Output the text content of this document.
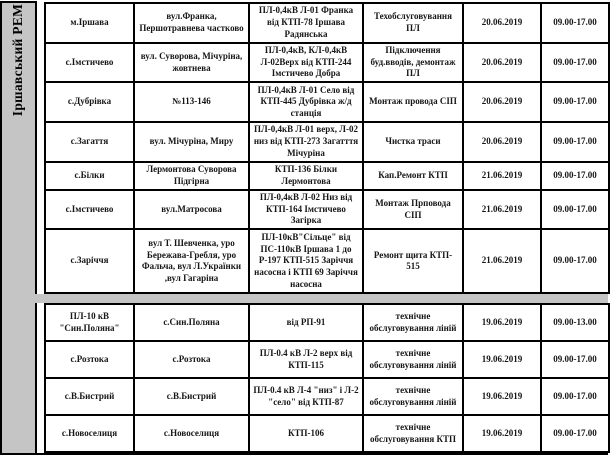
Іршавський РЕМ	м.Іршава	вул.Франка, Першотравнева частково	ПЛ-0,4кВ Л-01 Франка від КТП-78 Іршава Радянська	Техобслуговування ПЛ	20.06.2019	09.00-17.00
с.Імстичево	вул. Суворова, Мічуріна, жовтнева	ПЛ-0,4кВ, КЛ-0,4кВ Л-02Верх від КТП-244 Імстичево Добра	Підключення буд.вводів, демонтаж ПЛ	20.06.2019	09.00-17.00
с.Дубрівка	№113-146	ПЛ-0,4кВ Л-01 Село від КТП-445 Дубрівка ж/д станція	Монтаж провода СІП	20.06.2019	09.00-17.00
с.Загаття	вул. Мічуріна, Миру	ПЛ-0,4кВ Л-01 верх, Л-02 низ від КТП-273 Загатття Мічуріна	Чистка траси	20.06.2019	09.00-17.00
с.Білки	Лермонтова Суворова Підгірна	КТП-136 Білки Лермонтова	Кап.Ремонт КТП	21.06.2019	09.00-17.00
с.Імстичево	вул.Матросова	ПЛ-0,4кВ Л-02 Низ від КТП-164 Імстичево Загірка	Монтаж Прповода СІП	21.06.2019	09.00-17.00
с.Заріччя	вул Т. Шевченка, уро Бережава-Гребля, уро Фальча, вул Л.Українки ,вул Гагаріна	ПЛ-10кВ"Сільце" від ПС-110кВ Іршава 1 до Р-197 КТП-515 Заріччя насосна і КТП 69 Заріччя насосна	Ремонт щита КТП- 515	21.06.2019	09.00-17.00
ПЛ-10 кВ "Син.Поляна"	с.Син.Поляна	від РП-91	технічне обслуговування ліній	19.06.2019	09.00-13.00
с.Розтока	с.Розтока	ПЛ-0.4 кВ Л-2 верх від КТП-115	технічне обслуговування ліній	19.06.2019	09.00-17.00
с.В.Бистрий	с.В.Бистрий	ПЛ-0.4 кВ Л-4 "низ" і Л-2 "село" від КТП-87	технічне обслуговування ліній	19.06.2019	09.00-17.00
с.Новоселиця	с.Новоселиця	КТП-106	технічне обслуговування КТП	19.06.2019	09.00-17.00
